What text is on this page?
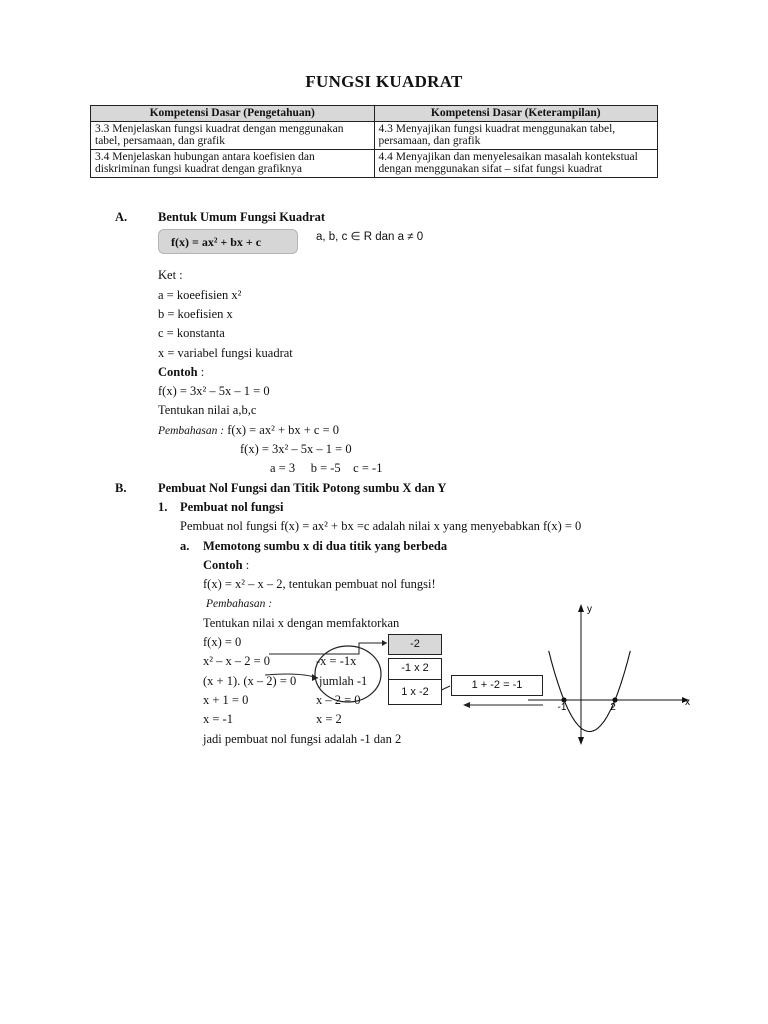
FUNGSI KUADRAT
Kompetensi Dasar (Pengetahuan)	Kompetensi Dasar (Keterampilan)
3.3 Menjelaskan fungsi kuadrat dengan menggunakan tabel, persamaan, dan grafik	4.3 Menyajikan fungsi kuadrat menggunakan tabel, persamaan, dan grafik
3.4 Menjelaskan hubungan antara koefisien dan diskriminan fungsi kuadrat dengan grafiknya	4.4 Menyajikan dan menyelesaikan masalah kontekstual dengan menggunakan sifat – sifat fungsi kuadrat
A. Bentuk Umum Fungsi Kuadrat
f(x) = ax² + bx + c	a, b, c ∈ R dan a ≠ 0
Ket :
a = koeefisien x²
b = koefisien x
c = konstanta
x = variabel fungsi kuadrat
Contoh :
f(x) = 3x² – 5x – 1 = 0
Tentukan nilai a,b,c
Pembahasan : f(x) = ax² + bx + c = 0
f(x) = 3x² – 5x – 1 = 0
a = 3     b = -5    c = -1
B.	Pembuat Nol Fungsi dan Titik Potong sumbu X dan Y
1. Pembuat nol fungsi
Pembuat nol fungsi f(x) = ax² + bx =c adalah nilai x yang menyebabkan f(x) = 0
a. Memotong sumbu x di dua titik yang berbeda
Contoh :
f(x) = x² – x – 2, tentukan pembuat nol fungsi!
Pembahasan :
Tentukan nilai x dengan memfaktorkan
f(x) = 0
x² – x – 2 = 0
(x + 1). (x – 2) = 0
x + 1 = 0
x = -1
-x = -1x
jumlah -1
x – 2 = 0
x = 2
jadi pembuat nol fungsi adalah -1 dan 2
-2
-1 x 2
1 x -2
1 + -2 = -1
-1	2	x
y
